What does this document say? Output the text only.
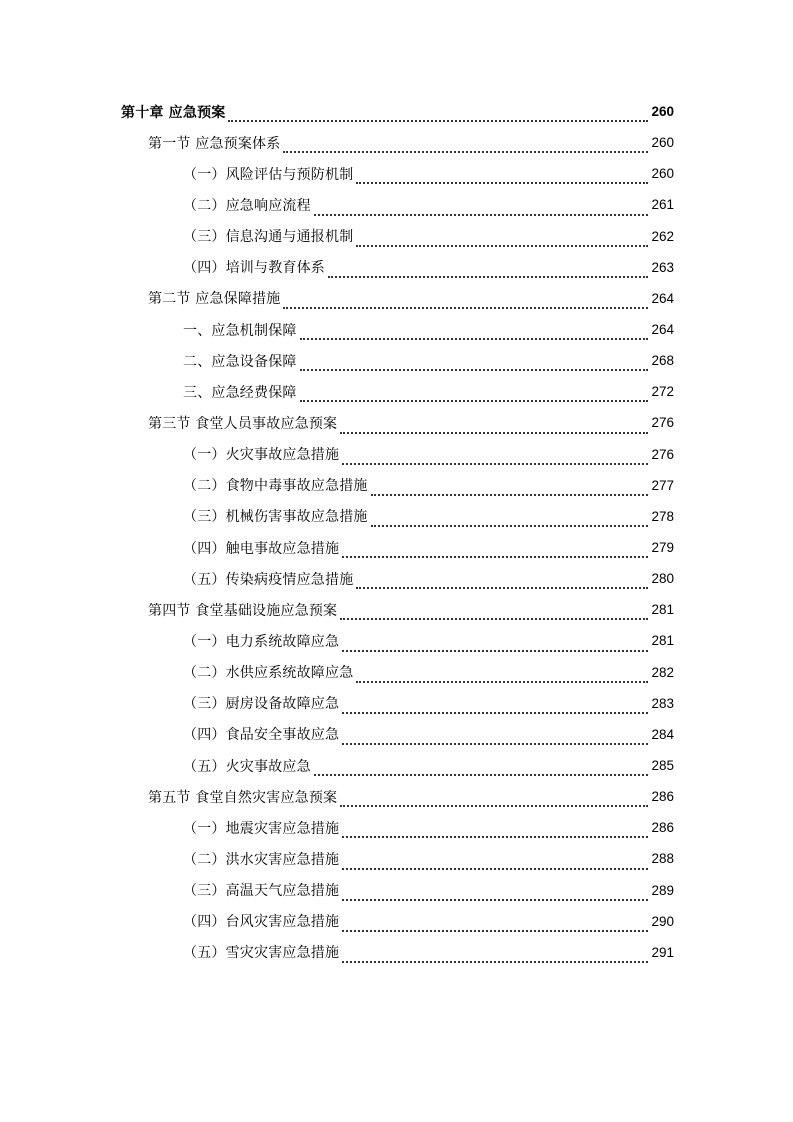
第十章 应急预案	260
第一节 应急预案体系	260
（一）风险评估与预防机制	260
（二）应急响应流程	261
（三）信息沟通与通报机制	262
（四）培训与教育体系	263
第二节 应急保障措施	264
一、应急机制保障	264
二、应急设备保障	268
三、应急经费保障	272
第三节 食堂人员事故应急预案	276
（一）火灾事故应急措施	276
（二）食物中毒事故应急措施	277
（三）机械伤害事故应急措施	278
（四）触电事故应急措施	279
（五）传染病疫情应急措施	280
第四节 食堂基础设施应急预案	281
（一）电力系统故障应急	281
（二）水供应系统故障应急	282
（三）厨房设备故障应急	283
（四）食品安全事故应急	284
（五）火灾事故应急	285
第五节 食堂自然灾害应急预案	286
（一）地震灾害应急措施	286
（二）洪水灾害应急措施	288
（三）高温天气应急措施	289
（四）台风灾害应急措施	290
（五）雪灾灾害应急措施	291
